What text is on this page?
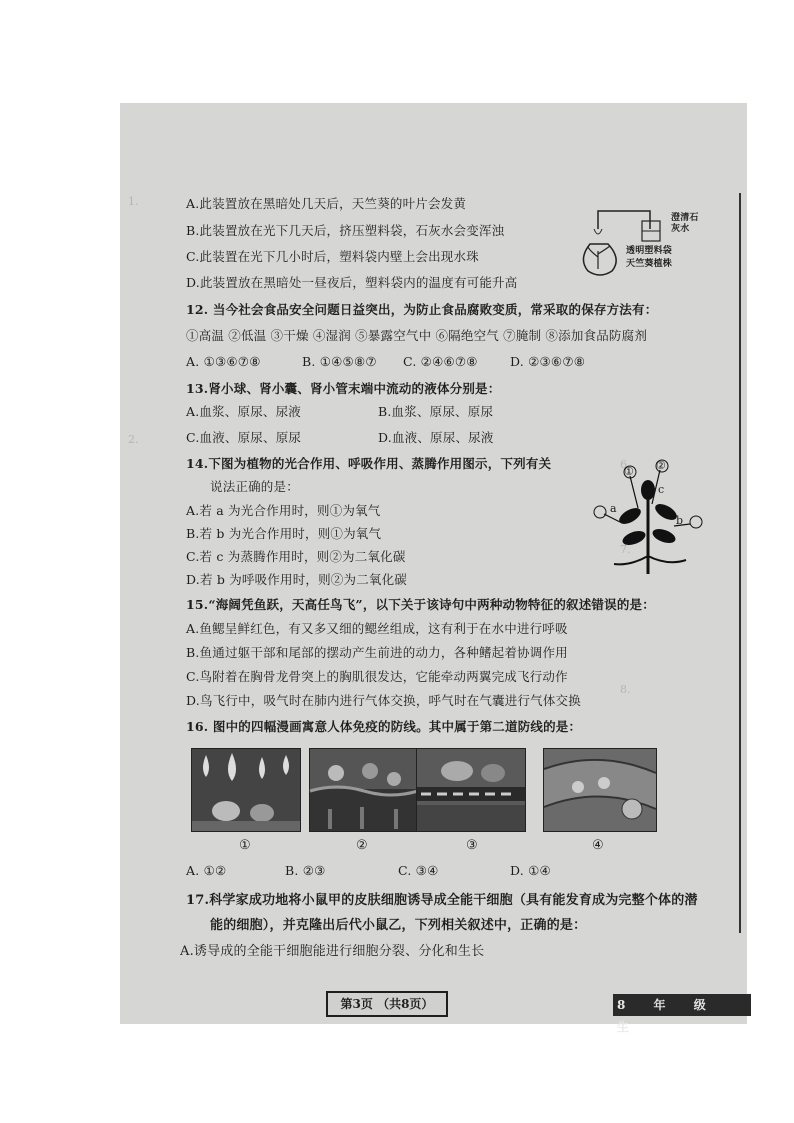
1.
2.
6.
7.
8.
A.此装置放在黑暗处几天后，天竺葵的叶片会发黄
B.此装置放在光下几天后，挤压塑料袋，石灰水会变浑浊
C.此装置在光下几小时后，塑料袋内壁上会出现水珠
D.此装置放在黑暗处一昼夜后，塑料袋内的温度有可能升高
澄清石
灰水
透明塑料袋
天竺葵植株
12. 当今社会食品安全问题日益突出，为防止食品腐败变质，常采取的保存方法有：
①高温 ②低温 ③干燥 ④湿润 ⑤暴露空气中 ⑥隔绝空气 ⑦腌制 ⑧添加食品防腐剂
A. ①③⑥⑦⑧	B. ①④⑤⑧⑦ C. ②④⑥⑦⑧	D. ②③⑥⑦⑧
13.肾小球、肾小囊、肾小管末端中流动的液体分别是：
A.血浆、原尿、尿液	B.血浆、原尿、原尿
C.血液、原尿、原尿	D.血液、原尿、尿液
14.下图为植物的光合作用、呼吸作用、蒸腾作用图示，下列有关
说法正确的是：
A.若 a 为光合作用时，则①为氧气
B.若 b 为光合作用时，则①为氧气
C.若 c 为蒸腾作用时，则②为二氧化碳
D.若 b 为呼吸作用时，则②为二氧化碳
a
c
b
① ②
15.“海阔凭鱼跃，天高任鸟飞”，以下关于该诗句中两种动物特征的叙述错误的是：
A.鱼鳃呈鲜红色，有又多又细的鳃丝组成，这有利于在水中进行呼吸
B.鱼通过躯干部和尾部的摆动产生前进的动力，各种鳍起着协调作用
C.鸟附着在胸骨龙骨突上的胸肌很发达，它能牵动两翼完成飞行动作
D.鸟飞行中，吸气时在肺内进行气体交换，呼气时在气囊进行气体交换
16. 图中的四幅漫画寓意人体免疫的防线。其中属于第二道防线的是：
①	②	③	④
A. ①②	B. ②③	C. ③④	D. ①④
17.科学家成功地将小鼠甲的皮肤细胞诱导成全能干细胞（具有能发育成为完整个体的潜
能的细胞），并克隆出后代小鼠乙，下列相关叙述中，正确的是：
A.诱导成的全能干细胞能进行细胞分裂、分化和生长
第3页 （共8页）	8 年 级 生
